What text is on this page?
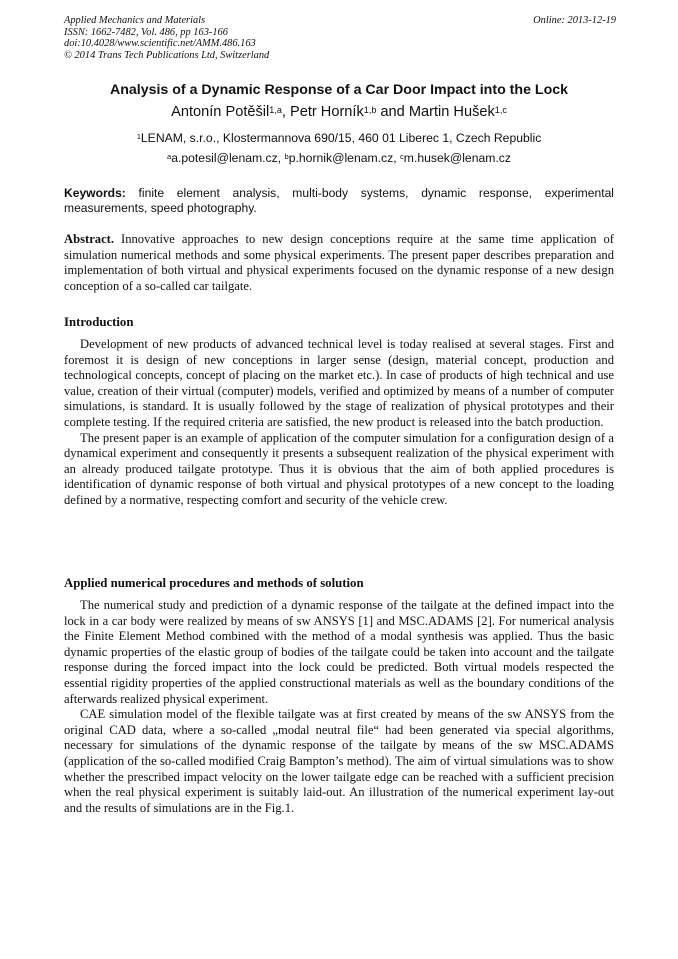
Applied Mechanics and Materials
ISSN: 1662-7482, Vol. 486, pp 163-166
doi:10.4028/www.scientific.net/AMM.486.163
© 2014 Trans Tech Publications Ltd, Switzerland
Online: 2013-12-19
Analysis of a Dynamic Response of a Car Door Impact into the Lock
Antonín Potěšil$^{1,a}$, Petr Horník$^{1,b}$ and Martin Hušek$^{1,c}$
$^1$LENAM, s.r.o., Klostermannova 690/15, 460 01 Liberec 1, Czech Republic
$^a$a.potesil@lenam.cz, $^b$p.hornik@lenam.cz, $^c$m.husek@lenam.cz
Keywords: finite element analysis, multi-body systems, dynamic response, experimental measurements, speed photography.
Abstract. Innovative approaches to new design conceptions require at the same time application of simulation numerical methods and some physical experiments. The present paper describes preparation and implementation of both virtual and physical experiments focused on the dynamic response of a new design conception of a so-called car tailgate.
Introduction

Development of new products of advanced technical level is today realised at several stages. First and foremost it is design of new conceptions in larger sense (design, material concept, production and technological concepts, concept of placing on the market etc.). In case of products of high technical and use value, creation of their virtual (computer) models, verified and optimized by means of a number of computer simulations, is standard. It is usually followed by the stage of realization of physical prototypes and their complete testing. If the required criteria are satisfied, the new product is released into the batch production.

The present paper is an example of application of the computer simulation for a configuration design of a dynamical experiment and consequently it presents a subsequent realization of the physical experiment with an already produced tailgate prototype. Thus it is obvious that the aim of both applied procedures is identification of dynamic response of both virtual and physical prototypes of a new concept to the loading defined by a normative, respecting comfort and security of the vehicle crew.

Applied numerical procedures and methods of solution

The numerical study and prediction of a dynamic response of the tailgate at the defined impact into the lock in a car body were realized by means of sw ANSYS [1] and MSC.ADAMS [2]. For numerical analysis the Finite Element Method combined with the method of a modal synthesis was applied. Thus the basic dynamic properties of the elastic group of bodies of the tailgate could be taken into account and the tailgate response during the forced impact into the lock could be predicted. Both virtual models respected the essential rigidity properties of the applied constructional materials as well as the boundary conditions of the afterwards realized physical experiment.

CAE simulation model of the flexible tailgate was at first created by means of the sw ANSYS from the original CAD data, where a so-called „modal neutral file“ had been generated via special algorithms, necessary for simulations of the dynamic response of the tailgate by means of the sw MSC.ADAMS (application of the so-called modified Craig Bampton’s method). The aim of virtual simulations was to show whether the prescribed impact velocity on the lower tailgate edge can be reached with a sufficient precision when the real physical experiment is suitably laid-out. An illustration of the numerical experiment lay-out and the results of simulations are in the Fig.1.
